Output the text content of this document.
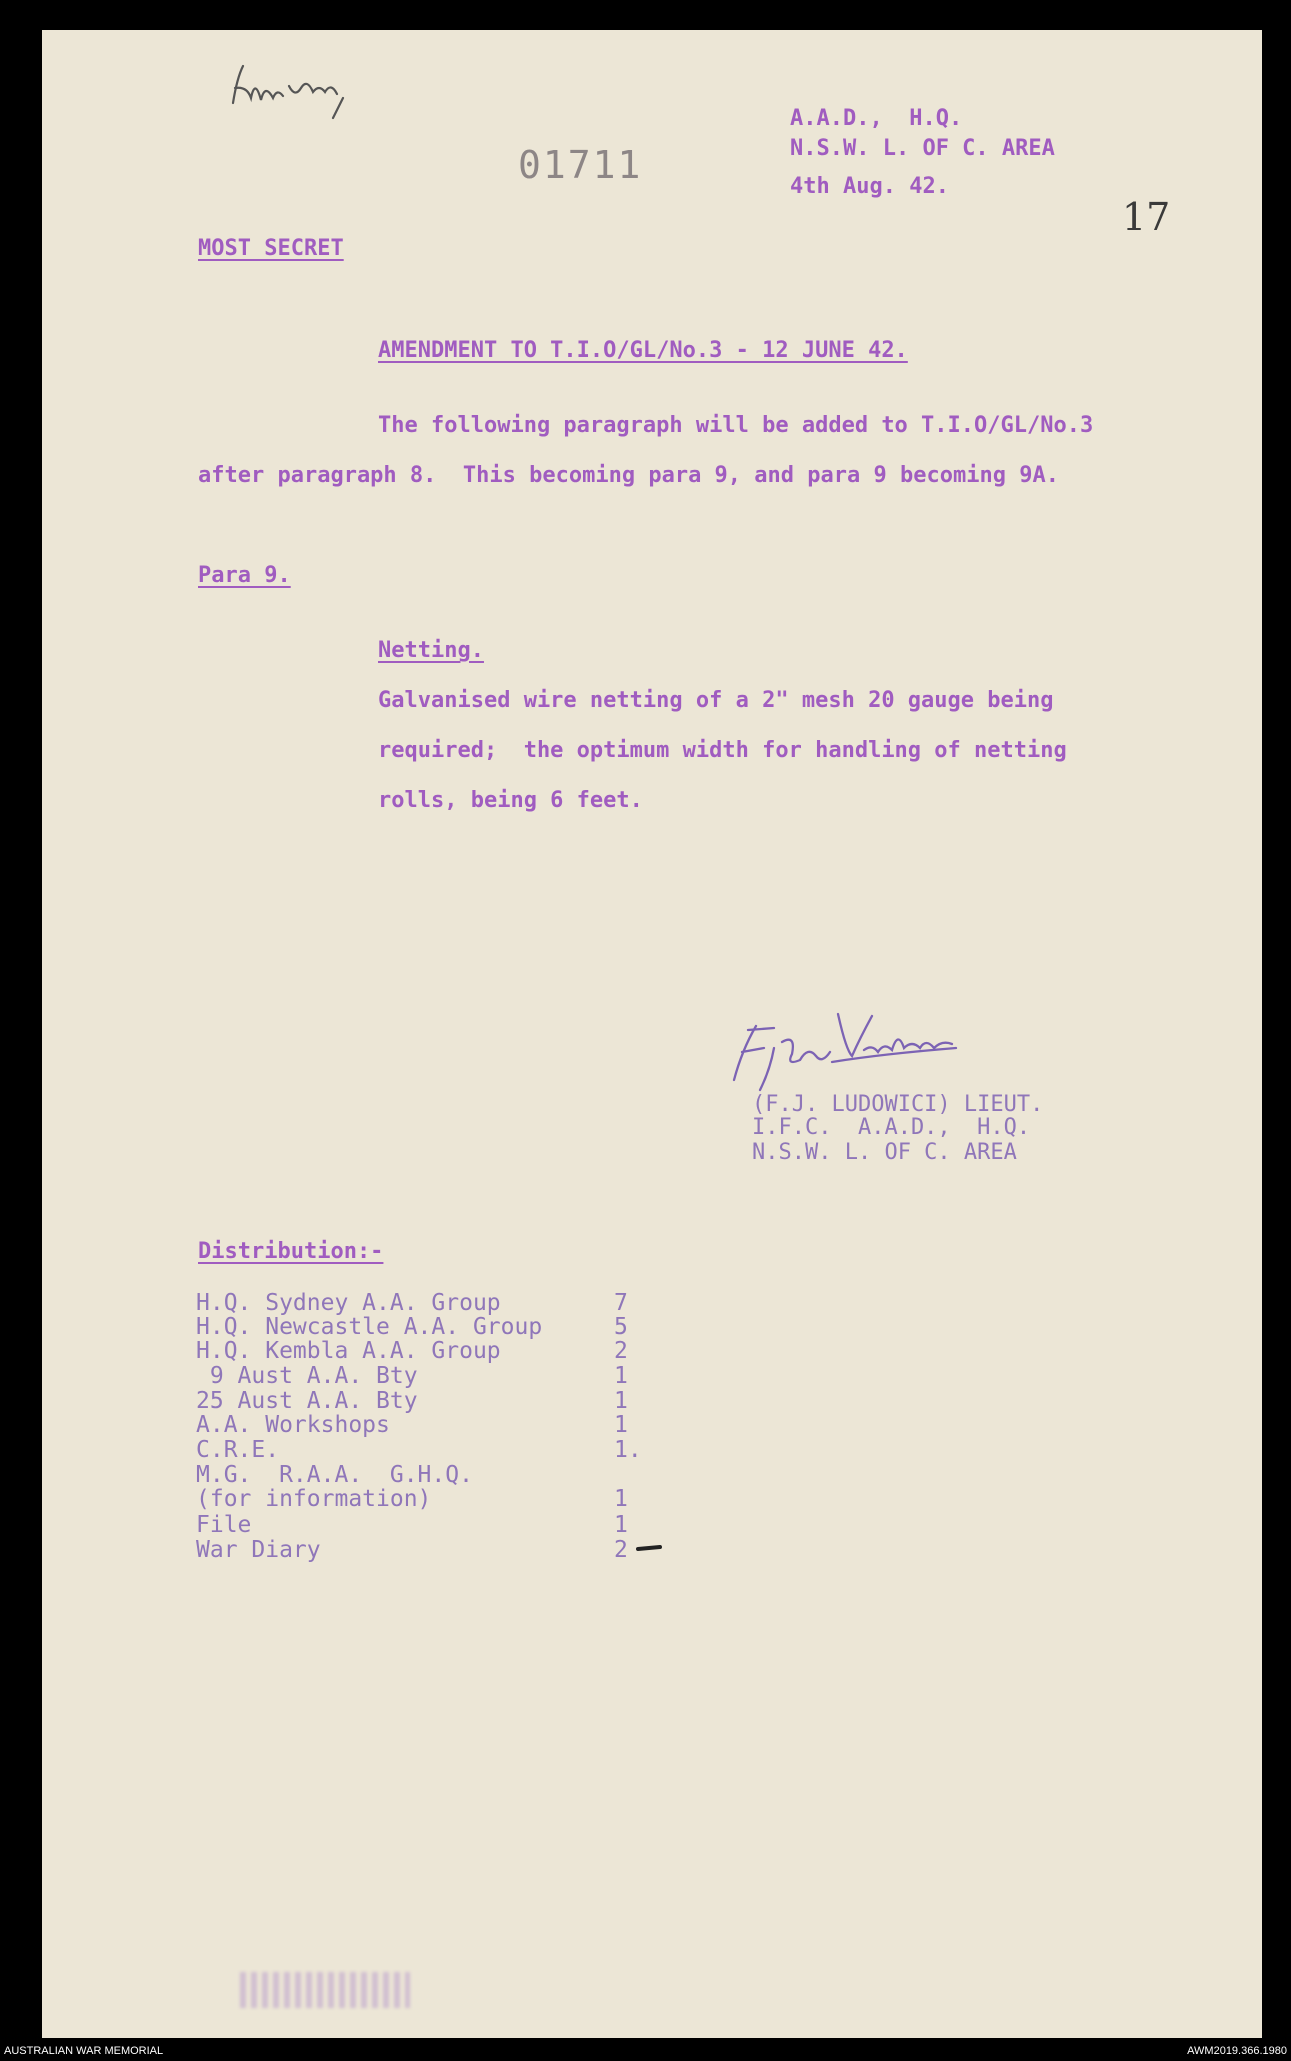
War Diary
01711
A.A.D.,  H.Q.
N.S.W. L. OF C. AREA
4th Aug. 42.
17
MOST SECRET
AMENDMENT TO T.I.O/GL/No.3 - 12 JUNE 42.
The following paragraph will be added to T.I.O/GL/No.3
after paragraph 8.  This becoming para 9, and para 9 becoming 9A.
Para 9.
Netting.
Galvanised wire netting of a 2" mesh 20 gauge being
required;  the optimum width for handling of netting
rolls, being 6 feet.
F.J. Ludowici
(F.J. LUDOWICI) LIEUT.
I.F.C.  A.A.D.,  H.Q.
N.S.W. L. OF C. AREA
Distribution:-
H.Q. Sydney A.A. Group	7
H.Q. Newcastle A.A. Group	5
H.Q. Kembla A.A. Group	2
9 Aust A.A. Bty	1
25 Aust A.A. Bty	1
A.A. Workshops	1
C.R.E.	1.
M.G.  R.A.A.  G.H.Q.
(for information)	1
File	1
War Diary	2
AUSTRALIAN WAR MEMORIAL	AWM2019.366.1980
